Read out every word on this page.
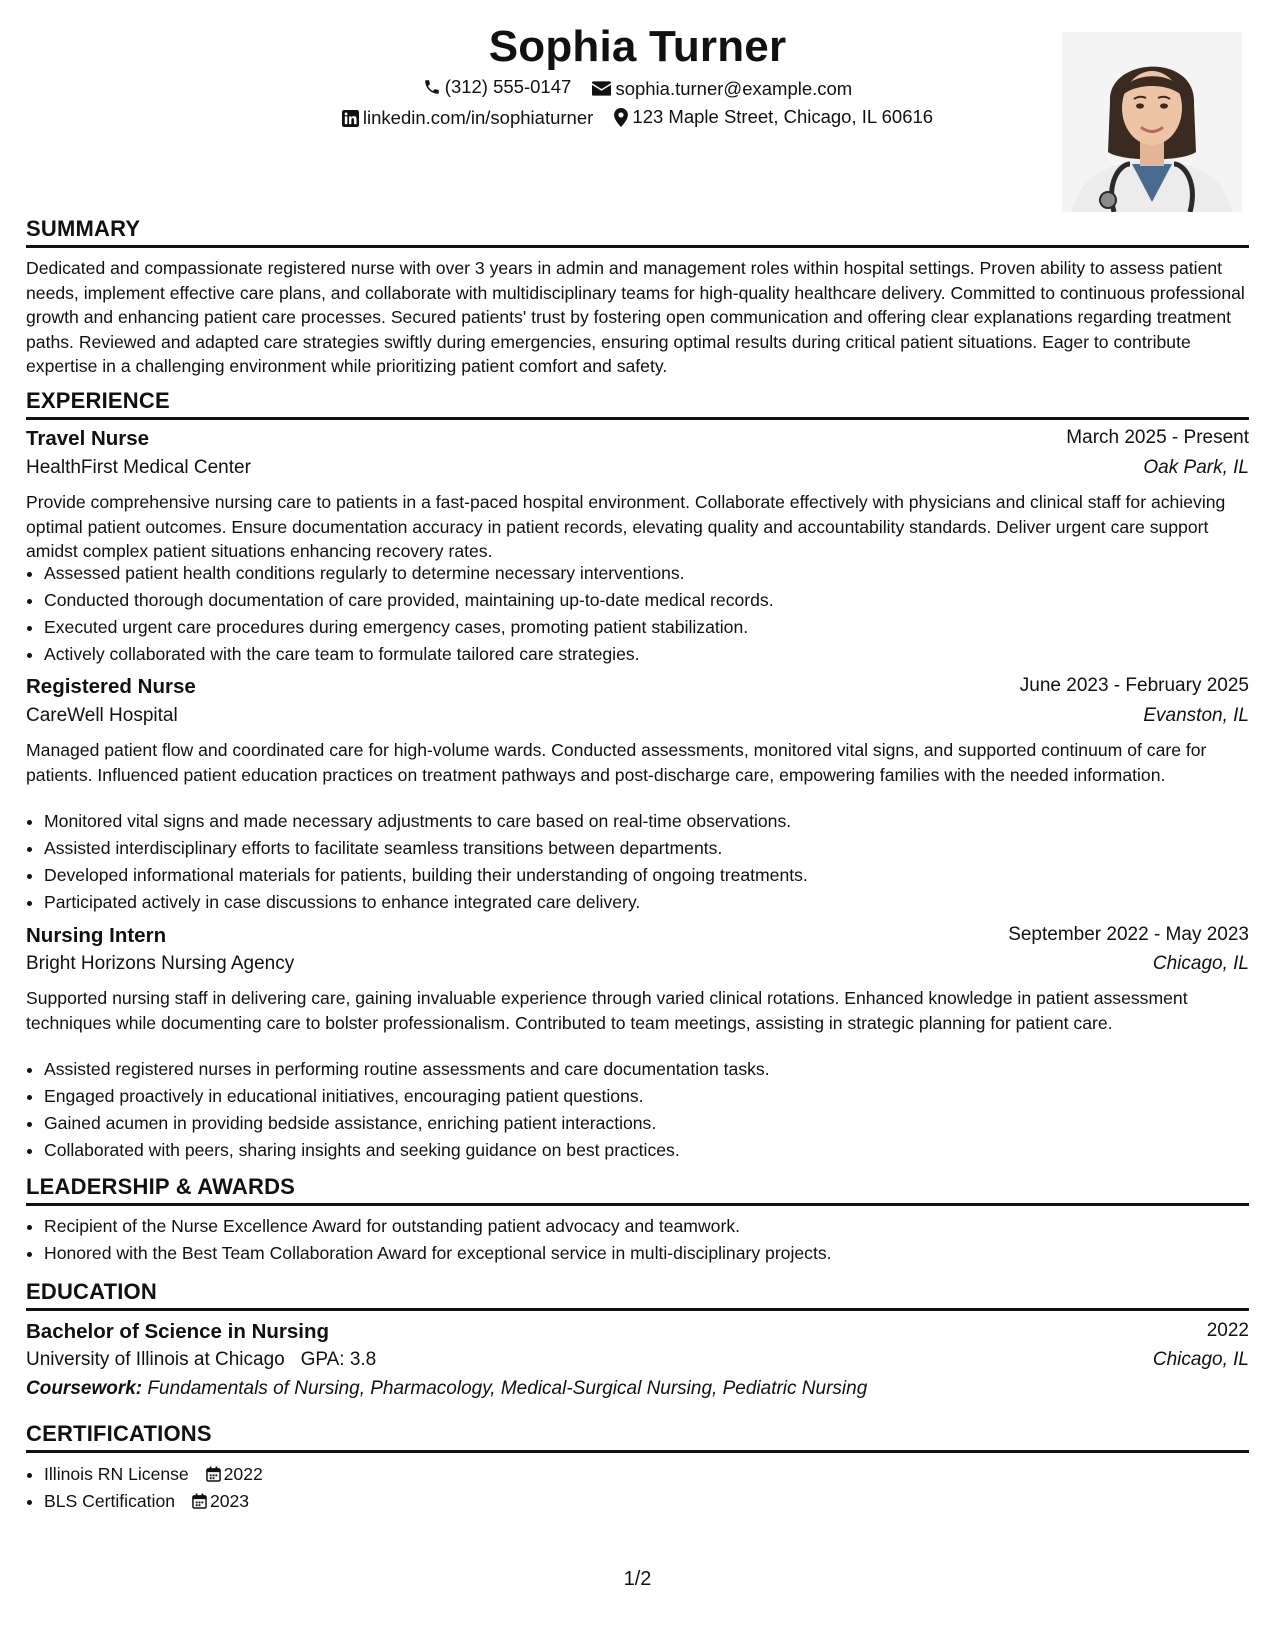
Sophia Turner
(312) 555-0147
sophia.turner@example.com
linkedin.com/in/sophiaturner
123 Maple Street, Chicago, IL 60616
SUMMARY
Dedicated and compassionate registered nurse with over 3 years in admin and management roles within hospital settings. Proven ability to assess patient needs, implement effective care plans, and collaborate with multidisciplinary teams for high-quality healthcare delivery. Committed to continuous professional growth and enhancing patient care processes. Secured patients' trust by fostering open communication and offering clear explanations regarding treatment paths. Reviewed and adapted care strategies swiftly during emergencies, ensuring optimal results during critical patient situations. Eager to contribute expertise in a challenging environment while prioritizing patient comfort and safety.
EXPERIENCE
Travel Nurse	March 2025 - Present
HealthFirst Medical Center	Oak Park, IL
Provide comprehensive nursing care to patients in a fast-paced hospital environment. Collaborate effectively with physicians and clinical staff for achieving optimal patient outcomes. Ensure documentation accuracy in patient records, elevating quality and accountability standards. Deliver urgent care support amidst complex patient situations enhancing recovery rates.
• Assessed patient health conditions regularly to determine necessary interventions.
• Conducted thorough documentation of care provided, maintaining up-to-date medical records.
• Executed urgent care procedures during emergency cases, promoting patient stabilization.
• Actively collaborated with the care team to formulate tailored care strategies.
Registered Nurse	June 2023 - February 2025
CareWell Hospital	Evanston, IL
Managed patient flow and coordinated care for high-volume wards. Conducted assessments, monitored vital signs, and supported continuum of care for patients. Influenced patient education practices on treatment pathways and post-discharge care, empowering families with the needed information.
• Monitored vital signs and made necessary adjustments to care based on real-time observations.
• Assisted interdisciplinary efforts to facilitate seamless transitions between departments.
• Developed informational materials for patients, building their understanding of ongoing treatments.
• Participated actively in case discussions to enhance integrated care delivery.
Nursing Intern	September 2022 - May 2023
Bright Horizons Nursing Agency	Chicago, IL
Supported nursing staff in delivering care, gaining invaluable experience through varied clinical rotations. Enhanced knowledge in patient assessment techniques while documenting care to bolster professionalism. Contributed to team meetings, assisting in strategic planning for patient care.
• Assisted registered nurses in performing routine assessments and care documentation tasks.
• Engaged proactively in educational initiatives, encouraging patient questions.
• Gained acumen in providing bedside assistance, enriching patient interactions.
• Collaborated with peers, sharing insights and seeking guidance on best practices.
LEADERSHIP & AWARDS
• Recipient of the Nurse Excellence Award for outstanding patient advocacy and teamwork.
• Honored with the Best Team Collaboration Award for exceptional service in multi-disciplinary projects.
EDUCATION
Bachelor of Science in Nursing	2022
University of Illinois at Chicago GPA: 3.8	Chicago, IL
Coursework:
Fundamentals of Nursing, Pharmacology, Medical-Surgical Nursing, Pediatric Nursing
CERTIFICATIONS
• Illinois RN License 2022
• BLS Certification 2023
1/2
